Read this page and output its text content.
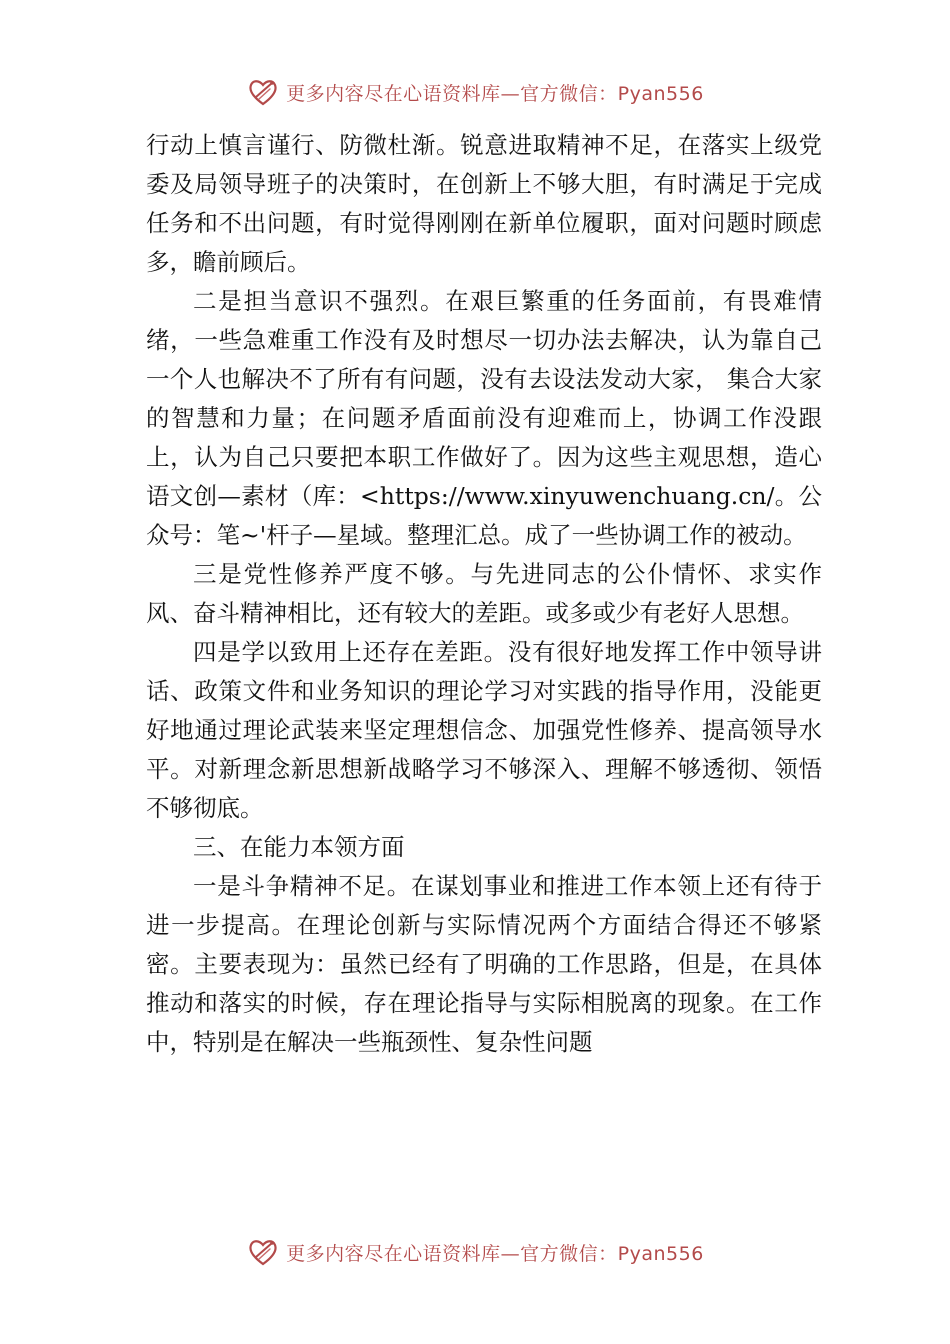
更多内容尽在心语资料库—官方微信：Pyan556

行动上慎言谨行、防微杜渐。锐意进取精神不足，在落实上级党委及局领导班子的决策时，在创新上不够大胆，有时满足于完成任务和不出问题，有时觉得刚刚在新单位履职，面对问题时顾虑多，瞻前顾后。

二是担当意识不强烈。在艰巨繁重的任务面前，有畏难情绪，一些急难重工作没有及时想尽一切办法去解决，认为靠自己一个人也解决不了所有有问题，没有去设法发动大家， 集合大家的智慧和力量；在问题矛盾面前没有迎难而上，协调工作没跟上，认为自己只要把本职工作做好了。因为这些主观思想，造心语文创—素材（库：<https://www.xinyuwenchuang.cn/。公众号：笔~'杆子—星域。整理汇总。成了一些协调工作的被动。

三是党性修养严度不够。与先进同志的公仆情怀、求实作风、奋斗精神相比，还有较大的差距。或多或少有老好人思想。

四是学以致用上还存在差距。没有很好地发挥工作中领导讲话、政策文件和业务知识的理论学习对实践的指导作用，没能更好地通过理论武装来坚定理想信念、加强党性修养、提高领导水平。对新理念新思想新战略学习不够深入、理解不够透彻、领悟不够彻底。

三、在能力本领方面

一是斗争精神不足。在谋划事业和推进工作本领上还有待于进一步提高。在理论创新与实际情况两个方面结合得还不够紧密。主要表现为：虽然已经有了明确的工作思路，但是，在具体推动和落实的时候，存在理论指导与实际相脱离的现象。在工作中，特别是在解决一些瓶颈性、复杂性问题

更多内容尽在心语资料库—官方微信：Pyan556
